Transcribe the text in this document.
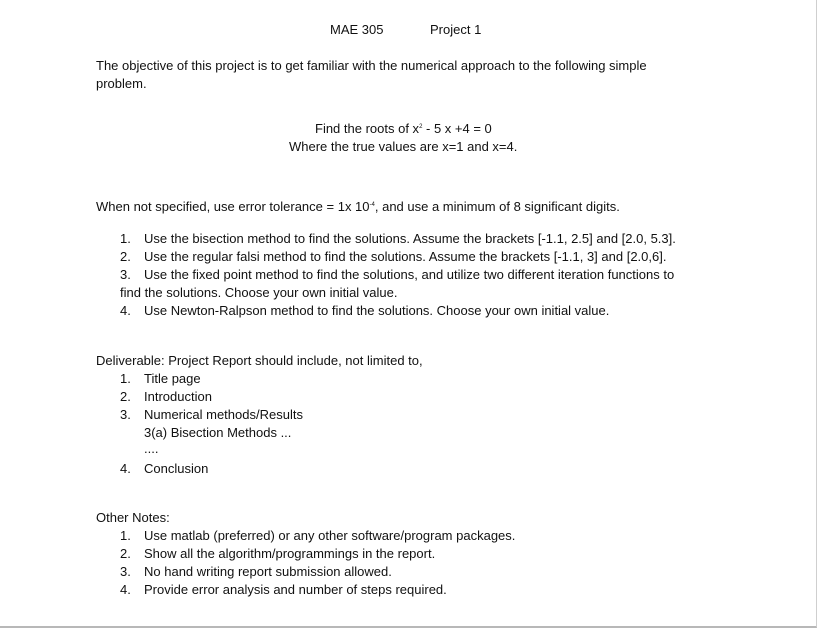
MAE 305	Project 1
The objective of this project is to get familiar with the numerical approach to the following simple
problem.
Find the roots of $x^2 - 5$ x +4 = 0
Where the true values are x=1 and x=4.
When not specified, use error tolerance = 1x $10^{-4}$, and use a minimum of 8 significant digits.
1. Use the bisection method to find the solutions. Assume the brackets [-1.1, 2.5] and [2.0, 5.3].
2. Use the regular falsi method to find the solutions. Assume the brackets [-1.1, 3] and [2.0,6].
3. Use the fixed point method to find the solutions, and utilize two different iteration functions to
find the solutions. Choose your own initial value.
4. Use Newton-Ralpson method to find the solutions. Choose your own initial value.
Deliverable: Project Report should include, not limited to,
1. Title page
2. Introduction
3. Numerical methods/Results
3(a) Bisection Methods ...
....
4. Conclusion
Other Notes:
1. Use matlab (preferred) or any other software/program packages.
2. Show all the algorithm/programmings in the report.
3. No hand writing report submission allowed.
4. Provide error analysis and number of steps required.
